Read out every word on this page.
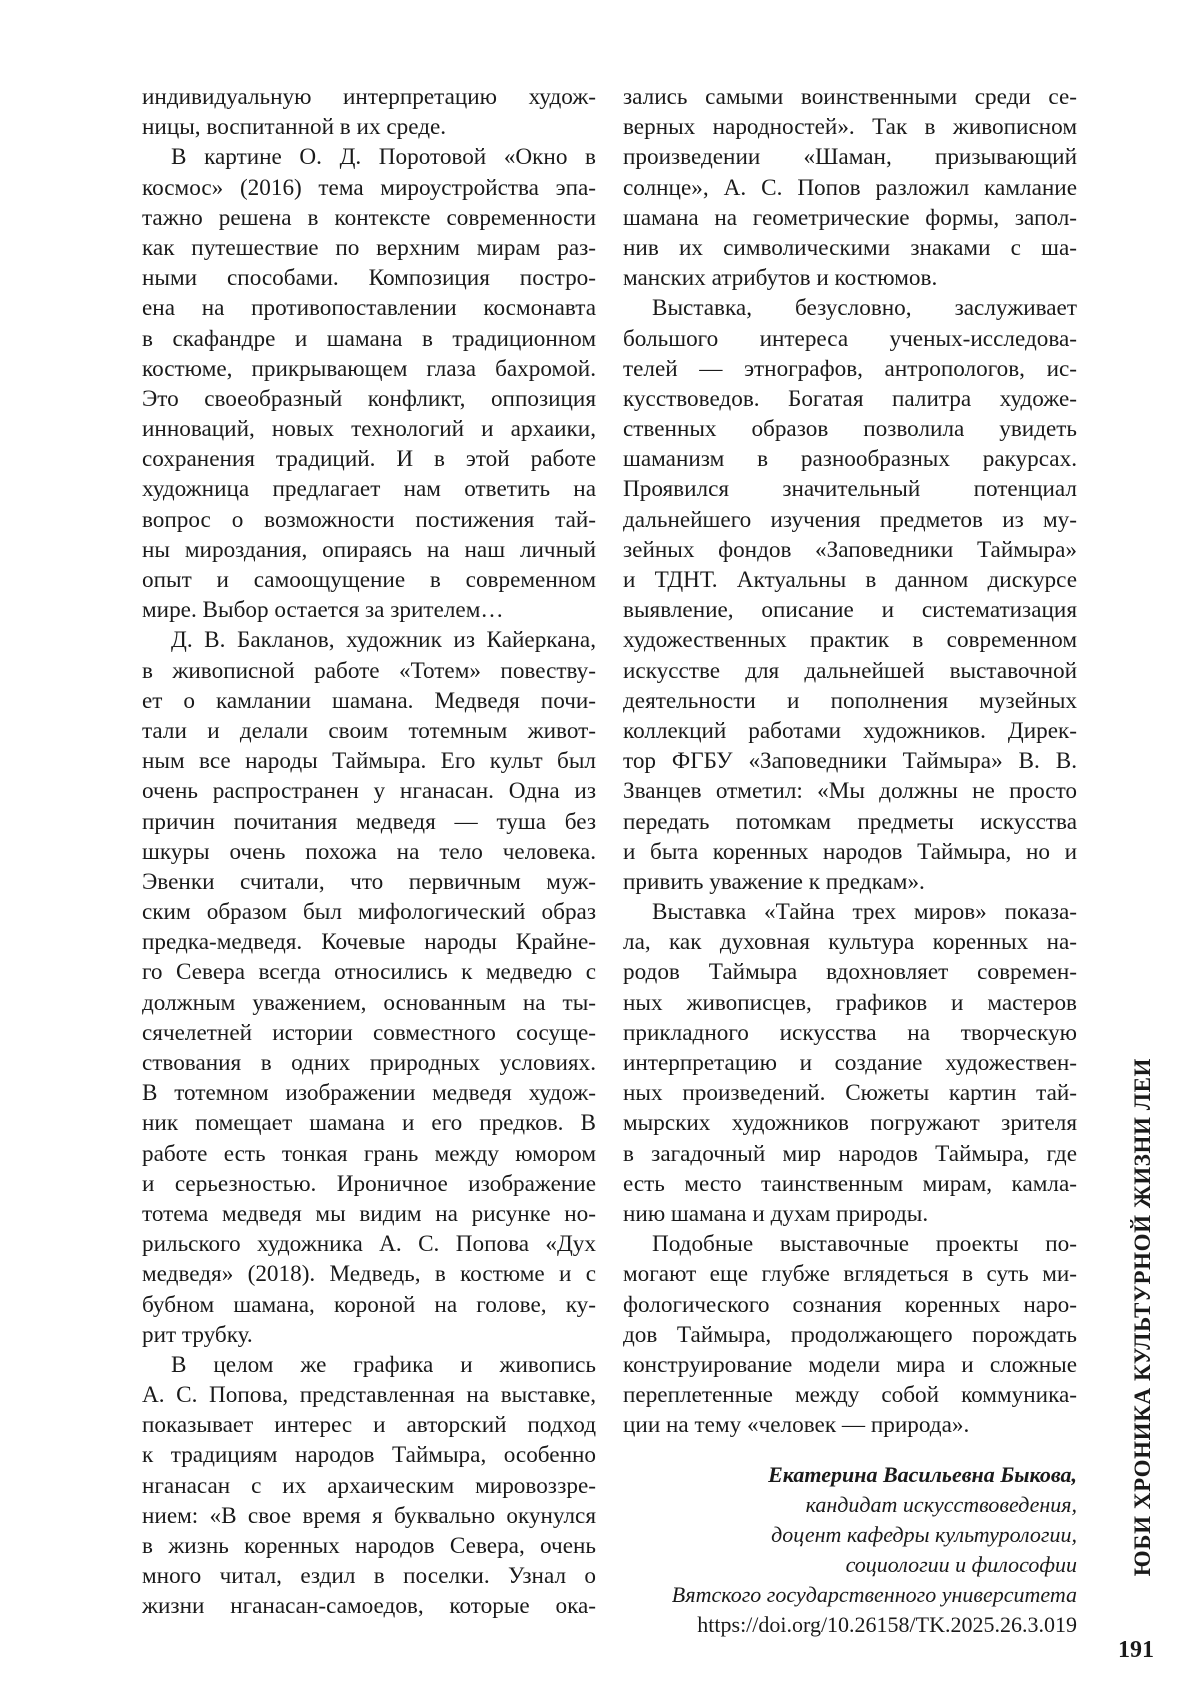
индивидуальную интерпретацию худож-
ницы, воспитанной в их среде.
В картине О. Д. Поротовой «Окно в
космос» (2016) тема мироустройства эпа-
тажно решена в контексте современности
как путешествие по верхним мирам раз-
ными способами. Композиция постро-
ена на противопоставлении космонавта
в скафандре и шамана в традиционном
костюме, прикрывающем глаза бахромой.
Это своеобразный конфликт, оппозиция
инноваций, новых технологий и архаики,
сохранения традиций. И в этой работе
художница предлагает нам ответить на
вопрос о возможности постижения тай-
ны мироздания, опираясь на наш личный
опыт и самоощущение в современном
мире. Выбор остается за зрителем…
Д. В. Бакланов, художник из Кайеркана,
в живописной работе «Тотем» повеству-
ет о камлании шамана. Медведя почи-
тали и делали своим тотемным живот-
ным все народы Таймыра. Его культ был
очень распространен у нганасан. Одна из
причин почитания медведя — туша без
шкуры очень похожа на тело человека.
Эвенки считали, что первичным муж-
ским образом был мифологический образ
предка-медведя. Кочевые народы Крайне-
го Севера всегда относились к медведю с
должным уважением, основанным на ты-
сячелетней истории совместного сосуще-
ствования в одних природных условиях.
В тотемном изображении медведя худож-
ник помещает шамана и его предков. В
работе есть тонкая грань между юмором
и серьезностью. Ироничное изображение
тотема медведя мы видим на рисунке но-
рильского художника А. С. Попова «Дух
медведя» (2018). Медведь, в костюме и с
бубном шамана, короной на голове, ку-
рит трубку.
В целом же графика и живопись
А. С. Попова, представленная на выставке,
показывает интерес и авторский подход
к традициям народов Таймыра, особенно
нганасан с их архаическим мировоззре-
нием: «В свое время я буквально окунулся
в жизнь коренных народов Севера, очень
много читал, ездил в поселки. Узнал о
жизни нганасан-самоедов, которые ока-
зались самыми воинственными среди се-
верных народностей». Так в живописном
произведении «Шаман, призывающий
солнце», А. С. Попов разложил камлание
шамана на геометрические формы, запол-
нив их символическими знаками с ша-
манских атрибутов и костюмов.
Выставка, безусловно, заслуживает
большого интереса ученых-исследова-
телей — этнографов, антропологов, ис-
кусствоведов. Богатая палитра художе-
ственных образов позволила увидеть
шаманизм в разнообразных ракурсах.
Проявился значительный потенциал
дальнейшего изучения предметов из му-
зейных фондов «Заповедники Таймыра»
и ТДНТ. Актуальны в данном дискурсе
выявление, описание и систематизация
художественных практик в современном
искусстве для дальнейшей выставочной
деятельности и пополнения музейных
коллекций работами художников. Дирек-
тор ФГБУ «Заповедники Таймыра» В. В.
Званцев отметил: «Мы должны не просто
передать потомкам предметы искусства
и быта коренных народов Таймыра, но и
привить уважение к предкам».
Выставка «Тайна трех миров» показа-
ла, как духовная культура коренных на-
родов Таймыра вдохновляет современ-
ных живописцев, графиков и мастеров
прикладного искусства на творческую
интерпретацию и создание художествен-
ных произведений. Сюжеты картин тай-
мырских художников погружают зрителя
в загадочный мир народов Таймыра, где
есть место таинственным мирам, камла-
нию шамана и духам природы.
Подобные выставочные проекты по-
могают еще глубже вглядеться в суть ми-
фологического сознания коренных наро-
дов Таймыра, продолжающего порождать
конструирование модели мира и сложные
переплетенные между собой коммуника-
ции на тему «человек — природа».
Екатерина Васильевна Быкова,
кандидат искусствоведения,
доцент кафедры культурологии,
социологии и философии
Вятского государственного университета
https://doi.org/10.26158/TK.2025.26.3.019
ЮБИ ХРОНИКА КУЛЬТУРНОЙ ЖИЗНИ ЛЕИ
191
